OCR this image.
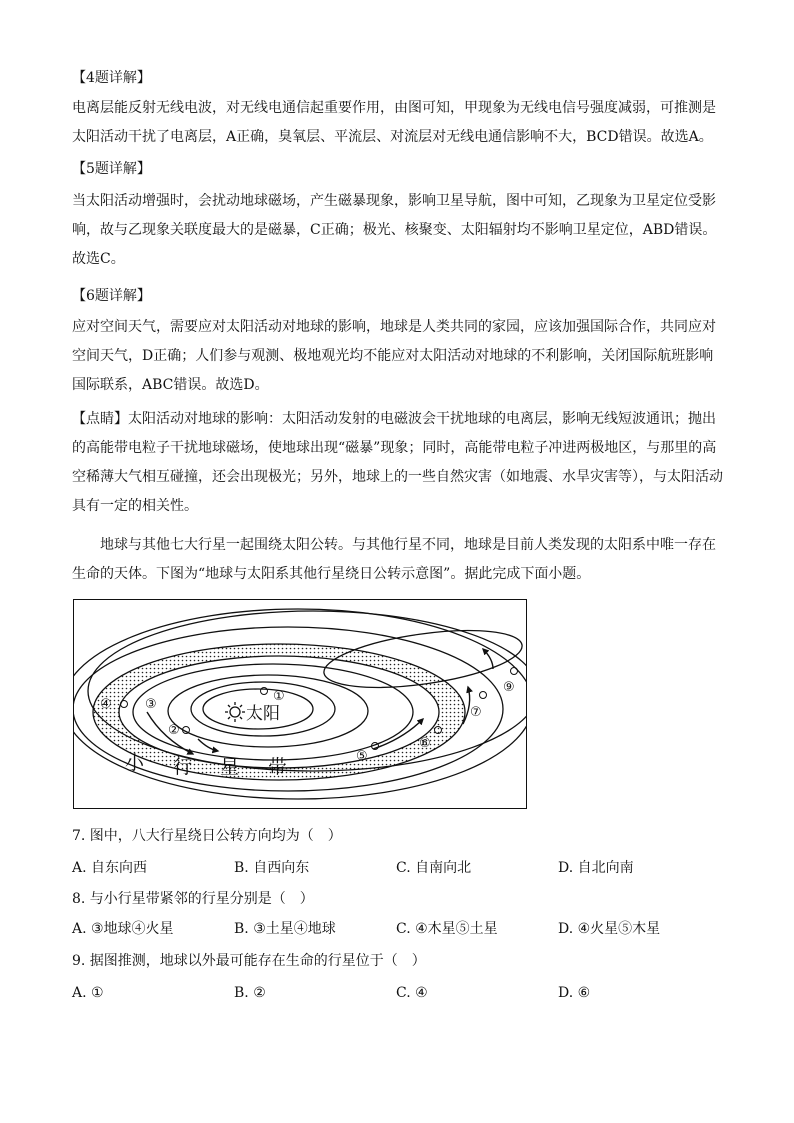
【4题详解】
电离层能反射无线电波，对无线电通信起重要作用，由图可知，甲现象为无线电信号强度减弱，可推测是太阳活动干扰了电离层，A正确，臭氧层、平流层、对流层对无线电通信影响不大，BCD错误。故选A。
【5题详解】
当太阳活动增强时，会扰动地球磁场，产生磁暴现象，影响卫星导航，图中可知，乙现象为卫星定位受影响，故与乙现象关联度最大的是磁暴，C正确；极光、核聚变、太阳辐射均不影响卫星定位，ABD错误。故选C。
【6题详解】
应对空间天气，需要应对太阳活动对地球的影响，地球是人类共同的家园，应该加强国际合作，共同应对空间天气，D正确；人们参与观测、极地观光均不能应对太阳活动对地球的不利影响，关闭国际航班影响国际联系，ABC错误。故选D。
【点睛】太阳活动对地球的影响：太阳活动发射的电磁波会干扰地球的电离层，影响无线短波通讯；抛出的高能带电粒子干扰地球磁场，使地球出现“磁暴”现象；同时，高能带电粒子冲进两极地区，与那里的高空稀薄大气相互碰撞，还会出现极光；另外，地球上的一些自然灾害（如地震、水旱灾害等），与太阳活动具有一定的相关性。
地球与其他七大行星一起围绕太阳公转。与其他行星不同，地球是目前人类发现的太阳系中唯一存在生命的天体。下图为“地球与太阳系其他行星绕日公转示意图”。据此完成下面小题。
太阳
小 行 星 带
①
②
③
④
⑤
⑥
⑦
⑨
7. 图中，八大行星绕日公转方向均为（　）
A. 自东向西	B. 自西向东	C. 自南向北	D. 自北向南
8. 与小行星带紧邻的行星分别是（　）
A. ③地球④火星	B. ③土星④地球	C. ④木星⑤土星	D. ④火星⑤木星
9. 据图推测，地球以外最可能存在生命的行星位于（　）
A. ①	B. ②	C. ④	D. ⑥
